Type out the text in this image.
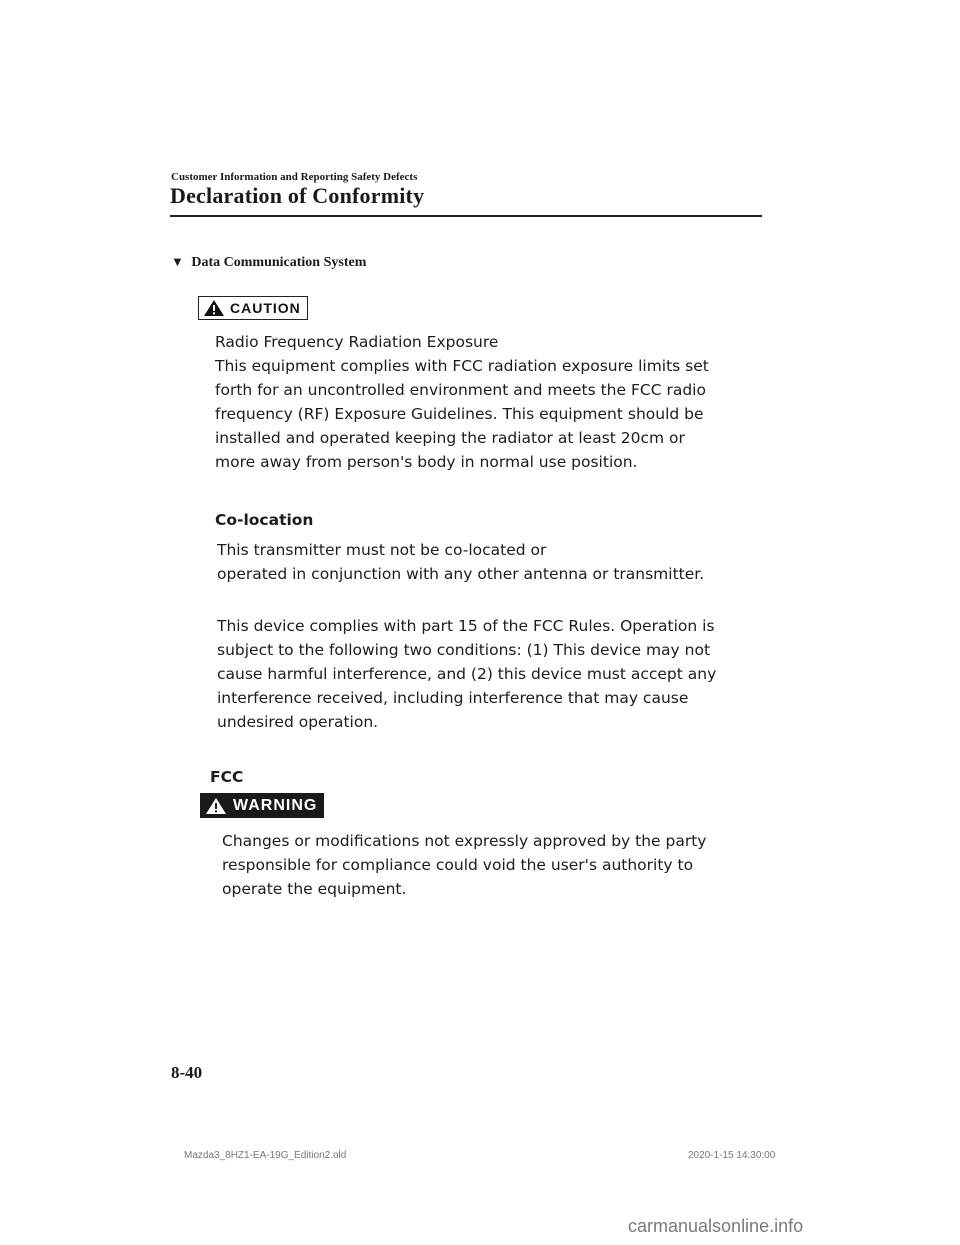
Customer Information and Reporting Safety Defects
Declaration of Conformity
▼ Data Communication System
CAUTION
Radio Frequency Radiation Exposure
This equipment complies with FCC radiation exposure limits set
forth for an uncontrolled environment and meets the FCC radio
frequency (RF) Exposure Guidelines. This equipment should be
installed and operated keeping the radiator at least 20cm or
more away from person's body in normal use position.
Co-location
This transmitter must not be co-located or
operated in conjunction with any other antenna or transmitter.
This device complies with part 15 of the FCC Rules. Operation is
subject to the following two conditions: (1) This device may not
cause harmful interference, and (2) this device must accept any
interference received, including interference that may cause
undesired operation.
FCC
WARNING
Changes or modifications not expressly approved by the party
responsible for compliance could void the user's authority to
operate the equipment.
8-40
Mazda3_8HZ1-EA-19G_Edition2.old	2020-1-15 14:30:00
carmanualsonline.info
